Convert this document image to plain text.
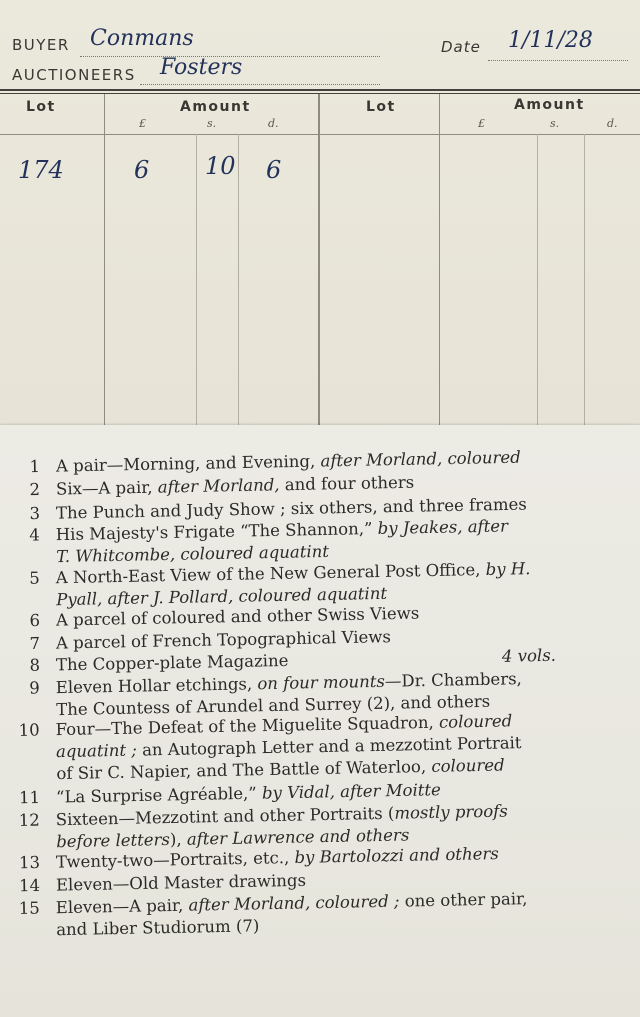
BUYER Conmans	Date 1/11/28
AUCTIONEERS Fosters
Lot	Amount	Lot	Amount
£	s.	d.	£	s.	d.
174	6 10 6
1 A pair—Morning, and Evening, after Morland, coloured
2 Six—A pair, after Morland, and four others
3 The Punch and Judy Show ; six others, and three frames
4 His Majesty's Frigate “The Shannon,” by Jeakes, after T. Whitcombe, coloured aquatint
5 A North-East View of the New General Post Office, by H. Pyall, after J. Pollard, coloured aquatint
6 A parcel of coloured and other Swiss Views
7 A parcel of French Topographical Views
8 The Copper-plate Magazine	4 vols.
9 Eleven Hollar etchings, on four mounts—Dr. Chambers, The Countess of Arundel and Surrey (2), and others
10 Four—The Defeat of the Miguelite Squadron, coloured aquatint ; an Autograph Letter and a mezzotint Portrait of Sir C. Napier, and The Battle of Waterloo, coloured
11 “La Surprise Agréable,” by Vidal, after Moitte
12 Sixteen—Mezzotint and other Portraits (mostly proofs before letters), after Lawrence and others
13 Twenty-two—Portraits, etc., by Bartolozzi and others
14 Eleven—Old Master drawings
15 Eleven—A pair, after Morland, coloured ; one other pair, and Liber Studiorum (7)
